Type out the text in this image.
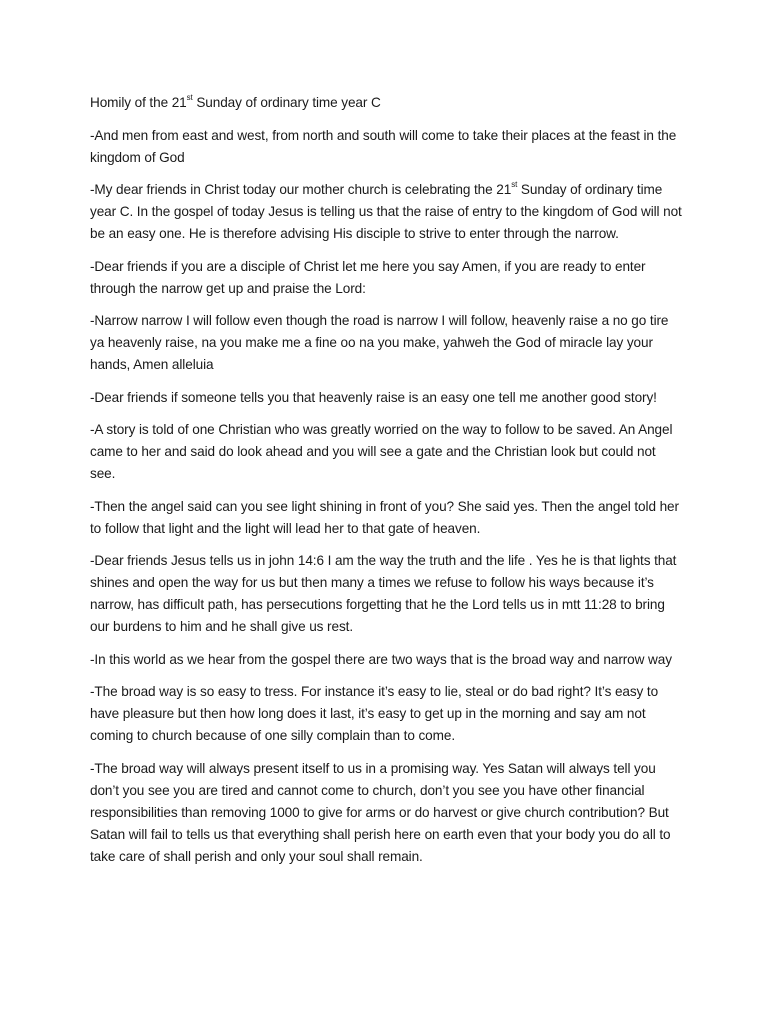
Homily of the 21st Sunday of ordinary time year C

-And men from east and west, from north and south will come to take their places at the feast in the kingdom of God

-My dear friends in Christ today our mother church is celebrating the 21st Sunday of ordinary time year C. In the gospel of today Jesus is telling us that the raise of entry to the kingdom of God will not be an easy one. He is therefore advising His disciple to strive to enter through the narrow.

-Dear friends if you are a disciple of Christ let me here you say Amen, if you are ready to enter through the narrow get up and praise the Lord:

-Narrow narrow I will follow even though the road is narrow I will follow, heavenly raise a no go tire ya heavenly raise, na you make me a fine oo na you make, yahweh the God of miracle lay your hands, Amen alleluia

-Dear friends if someone tells you that heavenly raise is an easy one tell me another good story!

-A story is told of one Christian who was greatly worried on the way to follow to be saved. An Angel came to her and said do look ahead and you will see a gate and the Christian look but could not see.

-Then the angel said can you see light shining in front of you? She said yes. Then the angel told her to follow that light and the light will lead her to that gate of heaven.

-Dear friends Jesus tells us in john 14:6 I am the way the truth and the life . Yes he is that lights that shines and open the way for us but then many a times we refuse to follow his ways because it’s narrow, has difficult path, has persecutions forgetting that he the Lord tells us in mtt 11:28 to bring our burdens to him and he shall give us rest.

-In this world as we hear from the gospel there are two ways that is the broad way and narrow way

-The broad way is so easy to tress. For instance it’s easy to lie, steal or do bad right? It’s easy to have pleasure but then how long does it last, it’s easy to get up in the morning and say am not coming to church because of one silly complain than to come.

-The broad way will always present itself to us in a promising way. Yes Satan will always tell you don’t you see you are tired and cannot come to church, don’t you see you have other financial responsibilities than removing 1000 to give for arms or do harvest or give church contribution? But Satan will fail to tells us that everything shall perish here on earth even that your body you do all to take care of shall perish and only your soul shall remain.
